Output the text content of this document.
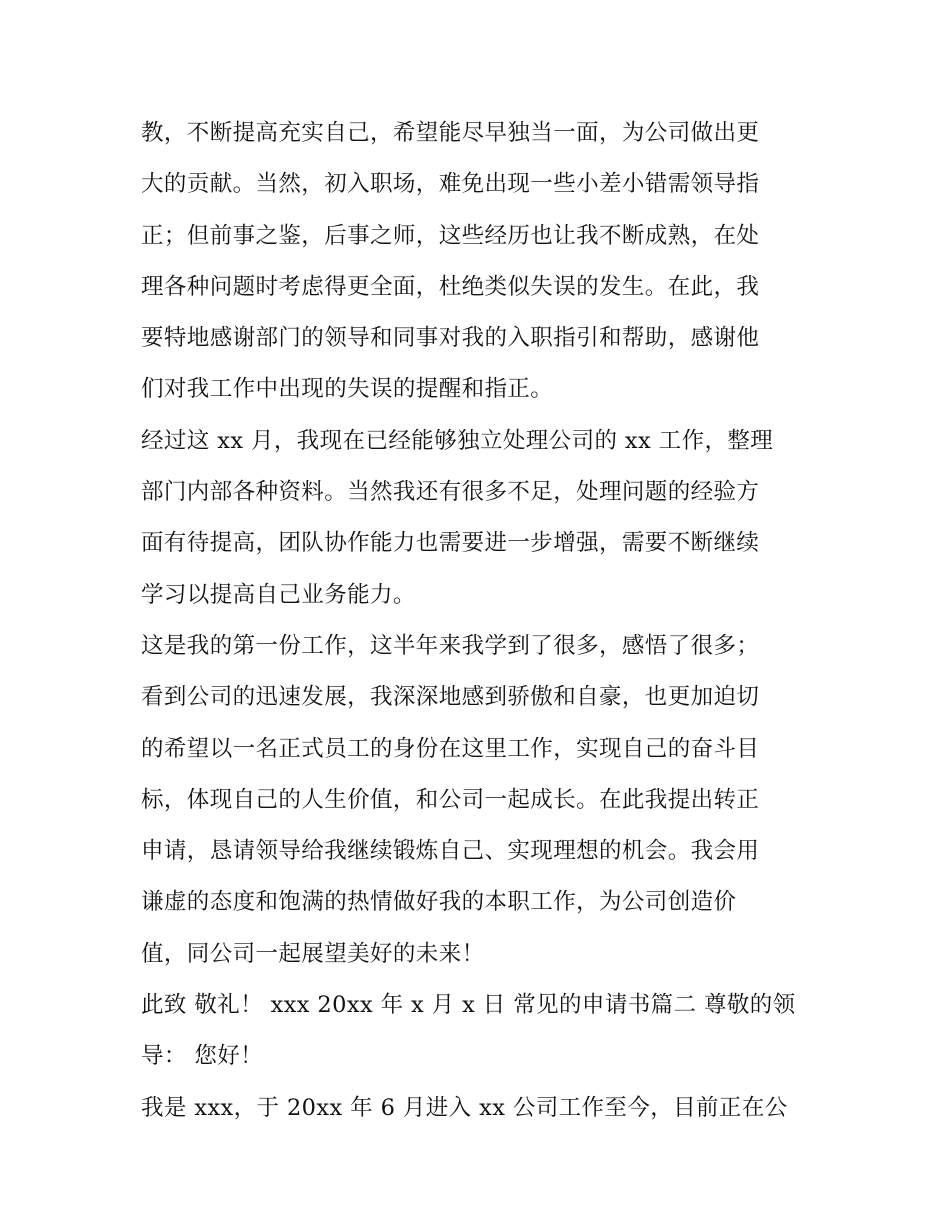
教，不断提高充实自己，希望能尽早独当一面，为公司做出更
大的贡献。当然，初入职场，难免出现一些小差小错需领导指
正；但前事之鉴，后事之师，这些经历也让我不断成熟，在处
理各种问题时考虑得更全面，杜绝类似失误的发生。在此，我
要特地感谢部门的领导和同事对我的入职指引和帮助，感谢他
们对我工作中出现的失误的提醒和指正。
经过这 xx 月，我现在已经能够独立处理公司的 xx 工作，整理
部门内部各种资料。当然我还有很多不足，处理问题的经验方
面有待提高，团队协作能力也需要进一步增强，需要不断继续
学习以提高自己业务能力。
这是我的第一份工作，这半年来我学到了很多，感悟了很多；
看到公司的迅速发展，我深深地感到骄傲和自豪，也更加迫切
的希望以一名正式员工的身份在这里工作，实现自己的奋斗目
标，体现自己的人生价值，和公司一起成长。在此我提出转正
申请，恳请领导给我继续锻炼自己、实现理想的机会。我会用
谦虚的态度和饱满的热情做好我的本职工作，为公司创造价
值，同公司一起展望美好的未来！
此致 敬礼！ xxx 20xx 年 x 月 x 日 常见的申请书篇二 尊敬的领
导： 您好！
我是 xxx，于 20xx 年 6 月进入 xx 公司工作至今，目前正在公
